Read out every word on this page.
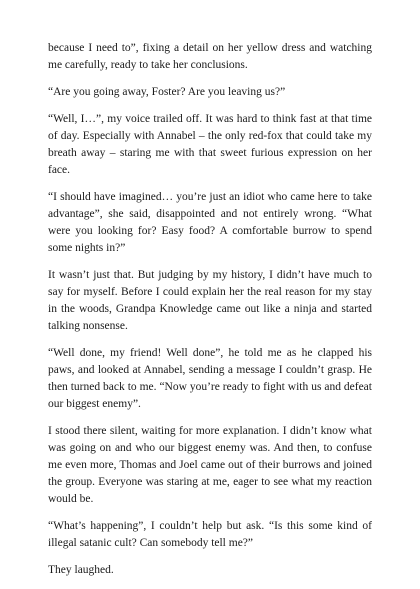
because I need to”, fixing a detail on her yellow dress and watching me carefully, ready to take her conclusions.

“Are you going away, Foster? Are you leaving us?”

“Well, I…”, my voice trailed off. It was hard to think fast at that time of day. Especially with Annabel – the only red-fox that could take my breath away – staring me with that sweet furious expression on her face.

“I should have imagined… you’re just an idiot who came here to take advantage”, she said, disappointed and not entirely wrong. “What were you looking for? Easy food? A comfortable burrow to spend some nights in?”

It wasn’t just that. But judging by my history, I didn’t have much to say for myself. Before I could explain her the real reason for my stay in the woods, Grandpa Knowledge came out like a ninja and started talking nonsense.

“Well done, my friend! Well done”, he told me as he clapped his paws, and looked at Annabel, sending a message I couldn’t grasp. He then turned back to me. “Now you’re ready to fight with us and defeat our biggest enemy”.

I stood there silent, waiting for more explanation. I didn’t know what was going on and who our biggest enemy was. And then, to confuse me even more, Thomas and Joel came out of their burrows and joined the group. Everyone was staring at me, eager to see what my reaction would be.

“What’s happening”, I couldn’t help but ask. “Is this some kind of illegal satanic cult? Can somebody tell me?”

They laughed.
